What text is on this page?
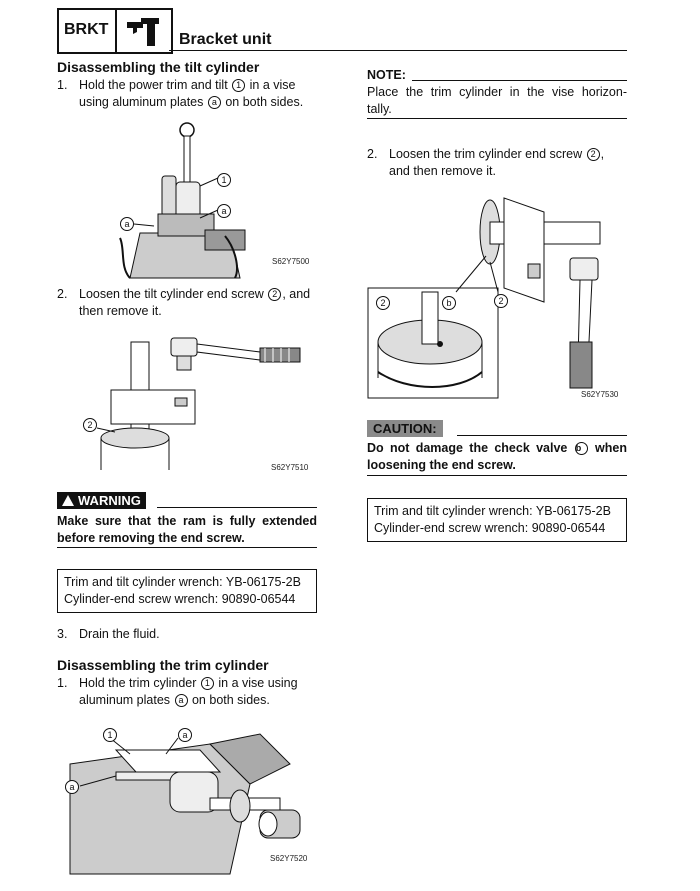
BRKT
Bracket unit
Disassembling the tilt cylinder
1. Hold the power trim and tilt 1 in a vise
using aluminum plates a on both sides.
1
a
a
S62Y7500
2. Loosen the tilt cylinder end screw 2 , and
then remove it.
2
S62Y7510
WARNING
Make sure that the ram is fully extended
before removing the end screw.
Trim and tilt cylinder wrench: YB-06175-2B
Cylinder-end screw wrench: 90890-06544
3. Drain the fluid.
Disassembling the trim cylinder
1. Hold the trim cylinder 1 in a vise using
aluminum plates a on both sides.
1	a
a
S62Y7520
NOTE:
Place the trim cylinder in the vise horizon-
tally.
2. Loosen the trim cylinder end screw 2 ,
and then remove it.
2	b	2
S62Y7530
CAUTION:
Do not damage the check valve b when
loosening the end screw.
Trim and tilt cylinder wrench: YB-06175-2B
Cylinder-end screw wrench: 90890-06544
